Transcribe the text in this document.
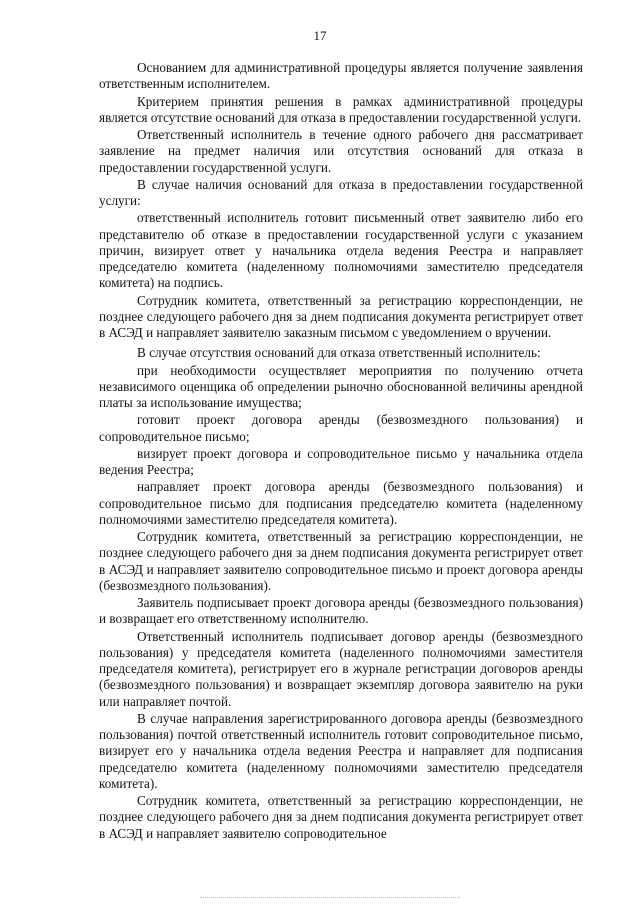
17

Основанием для административной процедуры является получение заявления ответственным исполнителем.

Критерием принятия решения в рамках административной процедуры является отсутствие оснований для отказа в предоставлении государственной услуги.

Ответственный исполнитель в течение одного рабочего дня рассматривает заявление на предмет наличия или отсутствия оснований для отказа в предоставлении государственной услуги.

В случае наличия оснований для отказа в предоставлении государственной услуги:

ответственный исполнитель готовит письменный ответ заявителю либо его представителю об отказе в предоставлении государственной услуги с указанием причин, визирует ответ у начальника отдела ведения Реестра и направляет председателю комитета (наделенному полномочиями заместителю председателя комитета) на подпись.

Сотрудник комитета, ответственный за регистрацию корреспонденции, не позднее следующего рабочего дня за днем подписания документа регистрирует ответ в АСЭД и направляет заявителю заказным письмом с уведомлением о вручении.

В случае отсутствия оснований для отказа ответственный исполнитель:

при необходимости осуществляет мероприятия по получению отчета независимого оценщика об определении рыночно обоснованной величины арендной платы за использование имущества;

готовит проект договора аренды (безвозмездного пользования) и сопроводительное письмо;

визирует проект договора и сопроводительное письмо у начальника отдела ведения Реестра;

направляет проект договора аренды (безвозмездного пользования) и сопроводительное письмо для подписания председателю комитета (наделенному полномочиями заместителю председателя комитета).

Сотрудник комитета, ответственный за регистрацию корреспонденции, не позднее следующего рабочего дня за днем подписания документа регистрирует ответ в АСЭД и направляет заявителю сопроводительное письмо и проект договора аренды (безвозмездного пользования).

Заявитель подписывает проект договора аренды (безвозмездного пользования) и возвращает его ответственному исполнителю.

Ответственный исполнитель подписывает договор аренды (безвозмездного пользования) у председателя комитета (наделенного полномочиями заместителя председателя комитета), регистрирует его в журнале регистрации договоров аренды (безвозмездного пользования) и возвращает экземпляр договора заявителю на руки или направляет почтой.

В случае направления зарегистрированного договора аренды (безвозмездного пользования) почтой ответственный исполнитель готовит сопроводительное письмо, визирует его у начальника отдела ведения Реестра и направляет для подписания председателю комитета (наделенному полномочиями заместителю председателя комитета).

Сотрудник комитета, ответственный за регистрацию корреспонденции, не позднее следующего рабочего дня за днем подписания документа регистрирует ответ в АСЭД и направляет заявителю сопроводительное
